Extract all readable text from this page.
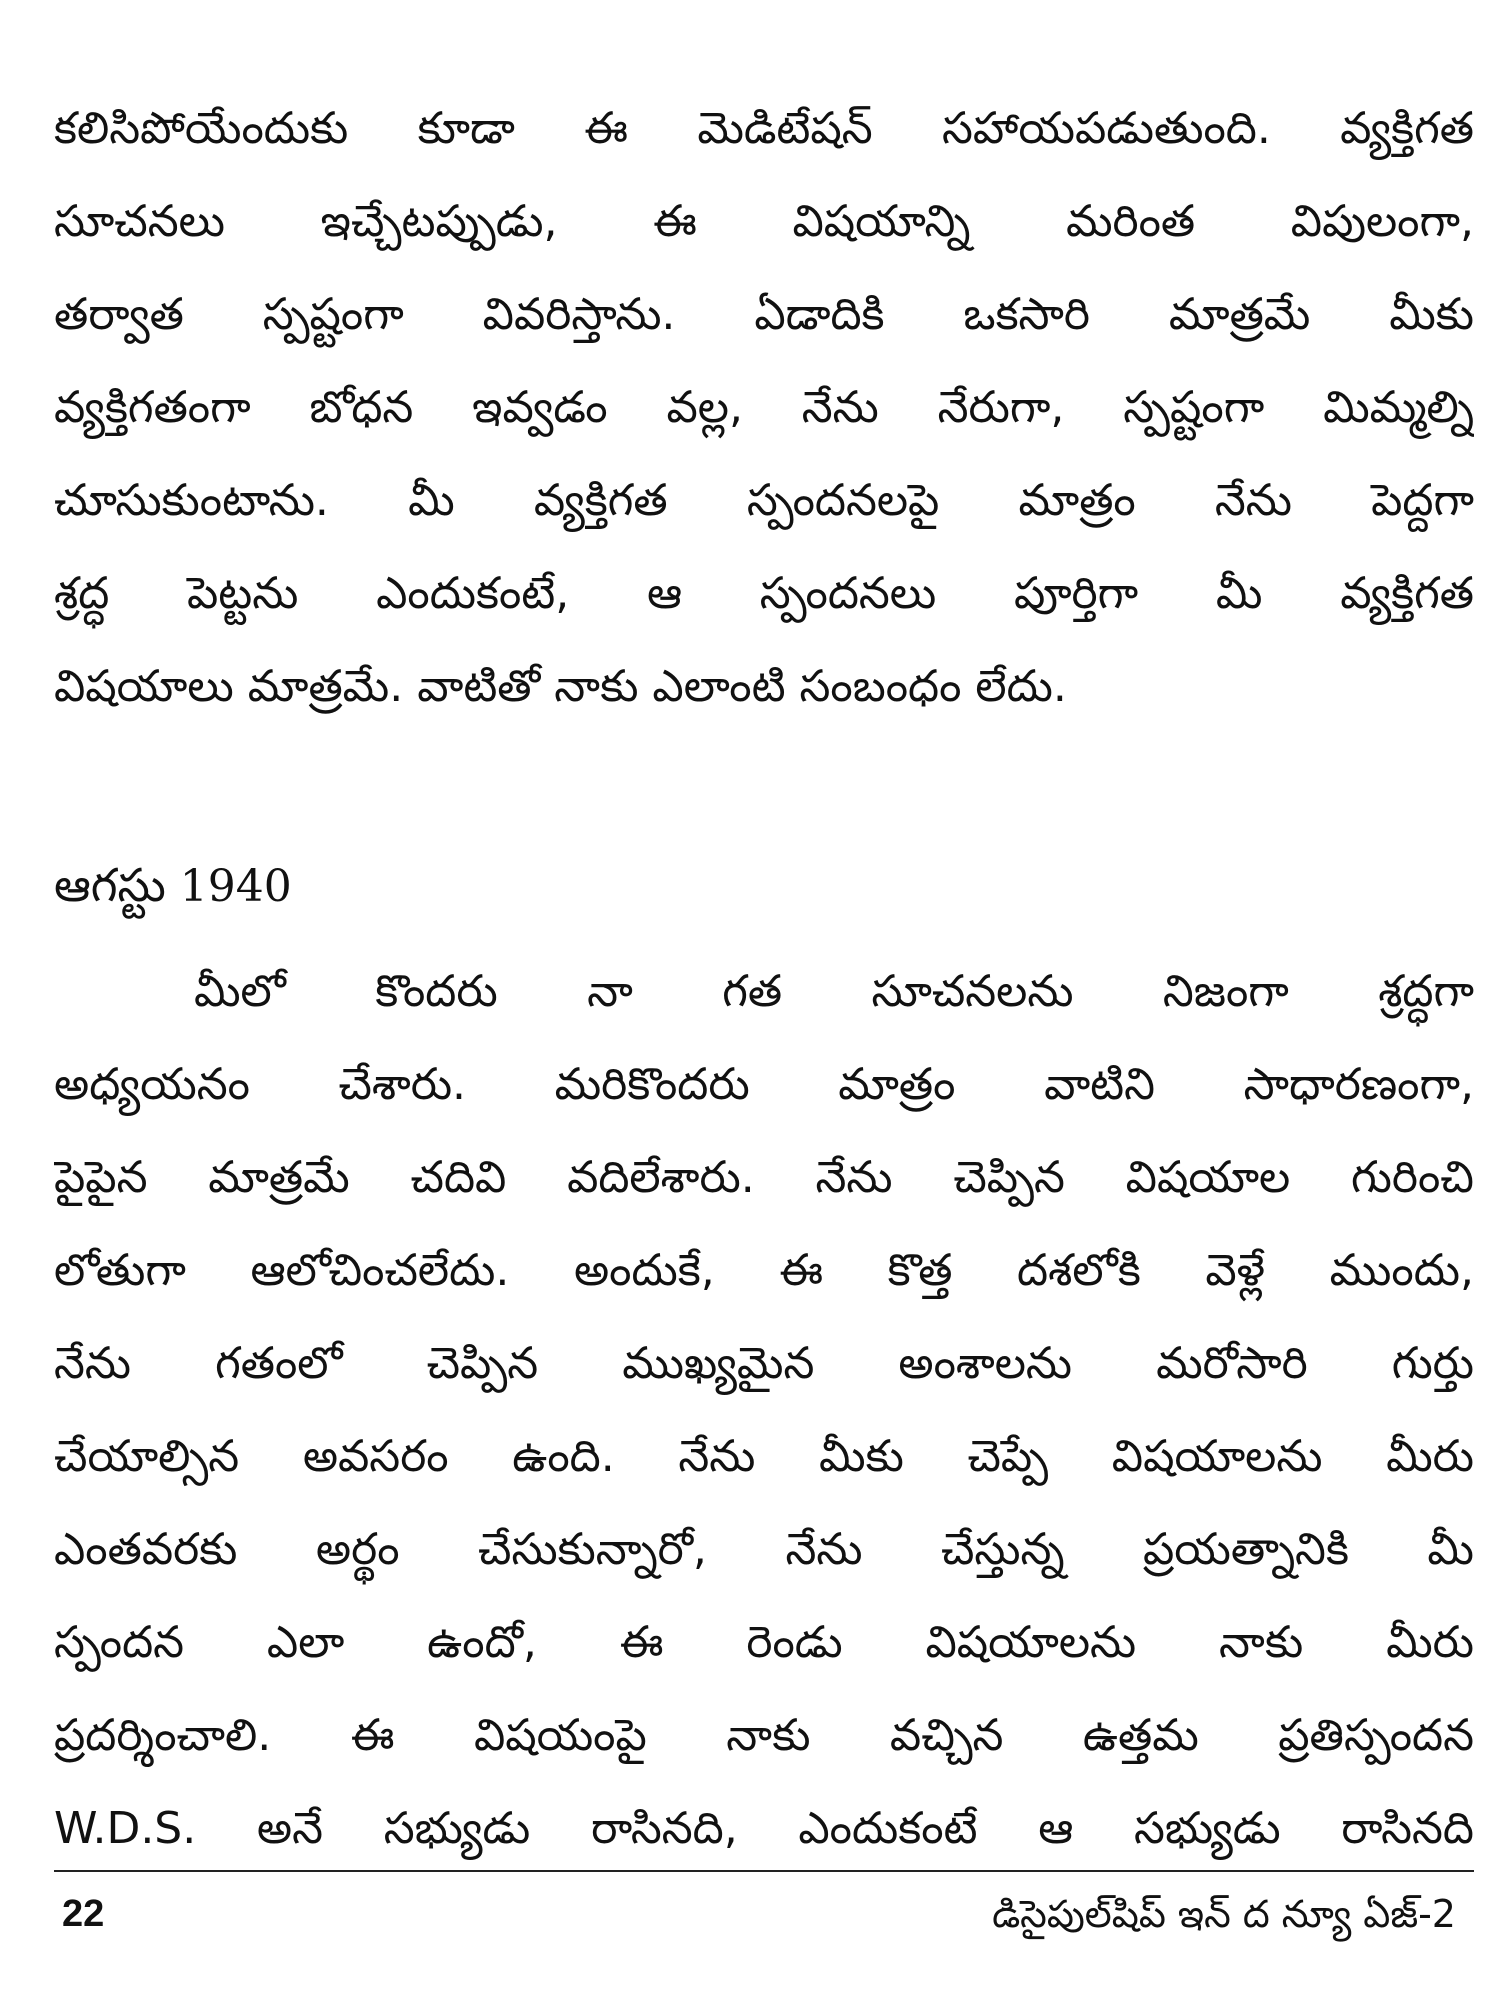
కలిసిపోయేందుకు కూడా ఈ మెడిటేషన్ సహాయపడుతుంది. వ్యక్తిగత
సూచనలు ఇచ్చేటప్పుడు, ఈ విషయాన్ని మరింత విపులంగా,
తర్వాత స్పష్టంగా వివరిస్తాను. ఏడాదికి ఒకసారి మాత్రమే మీకు
వ్యక్తిగతంగా బోధన ఇవ్వడం వల్ల, నేను నేరుగా, స్పష్టంగా మిమ్మల్ని
చూసుకుంటాను. మీ వ్యక్తిగత స్పందనలపై మాత్రం నేను పెద్దగా
శ్రద్ధ పెట్టను ఎందుకంటే, ఆ స్పందనలు పూర్తిగా మీ వ్యక్తిగత
విషయాలు మాత్రమే. వాటితో నాకు ఎలాంటి సంబంధం లేదు.
ఆగస్టు 1940
మీలో కొందరు నా గత సూచనలను నిజంగా శ్రద్ధగా
అధ్యయనం చేశారు. మరికొందరు మాత్రం వాటిని సాధారణంగా,
పైపైన మాత్రమే చదివి వదిలేశారు. నేను చెప్పిన విషయాల గురించి
లోతుగా ఆలోచించలేదు. అందుకే, ఈ కొత్త దశలోకి వెళ్లే ముందు,
నేను గతంలో చెప్పిన ముఖ్యమైన అంశాలను మరోసారి గుర్తు
చేయాల్సిన అవసరం ఉంది. నేను మీకు చెప్పే విషయాలను మీరు
ఎంతవరకు అర్థం చేసుకున్నారో, నేను చేస్తున్న ప్రయత్నానికి మీ
స్పందన ఎలా ఉందో, ఈ రెండు విషయాలను నాకు మీరు
ప్రదర్శించాలి. ఈ విషయంపై నాకు వచ్చిన ఉత్తమ ప్రతిస్పందన
W.D.S. అనే సభ్యుడు రాసినది, ఎందుకంటే ఆ సభ్యుడు రాసినది
22	డిసైపుల్‌షిప్ ఇన్ ద న్యూ ఏజ్-2
